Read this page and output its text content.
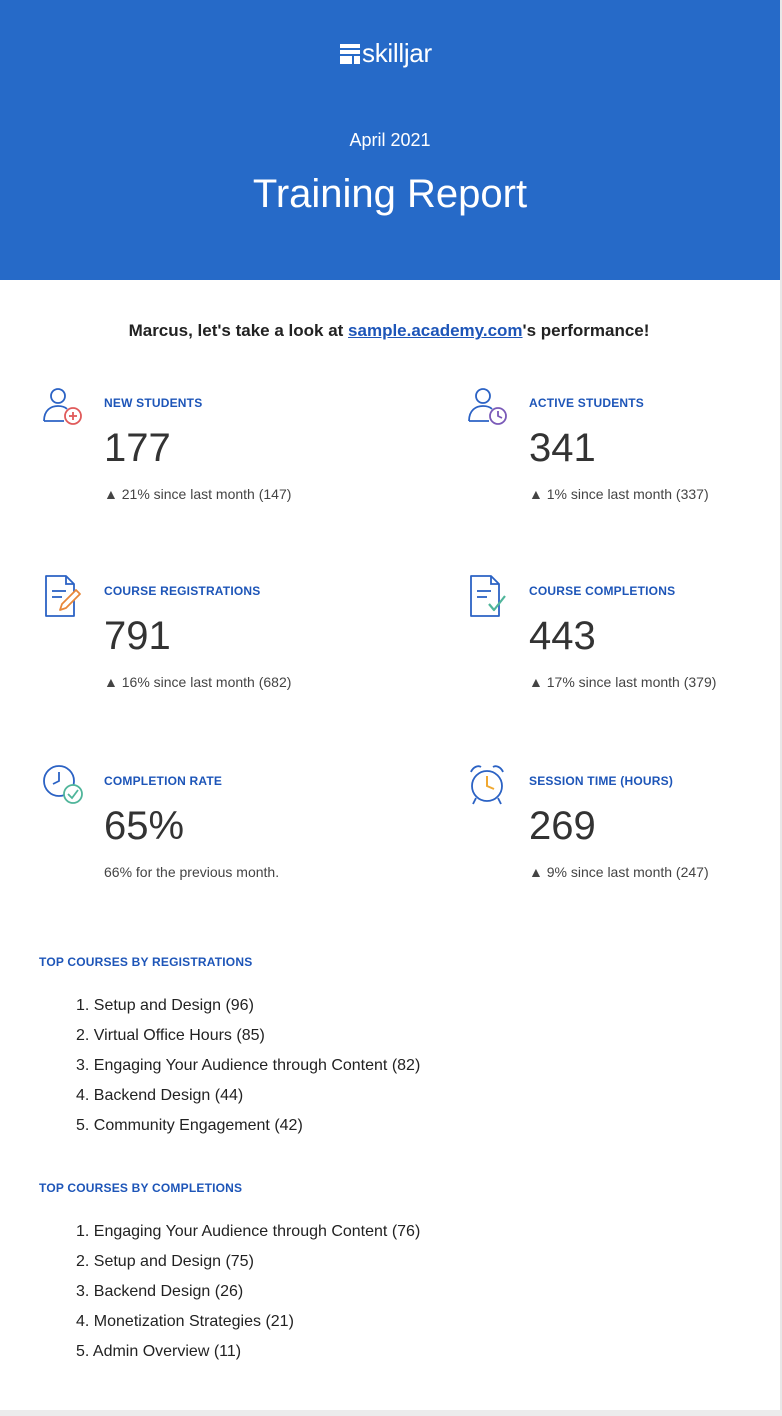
skilljar
April 2021
Training Report
Marcus, let's take a look at sample.academy.com's performance!
NEW STUDENTS
177
▲ 21% since last month (147)
ACTIVE STUDENTS
341
▲ 1% since last month (337)
COURSE REGISTRATIONS
791
▲ 16% since last month (682)
COURSE COMPLETIONS
443
▲ 17% since last month (379)
COMPLETION RATE
65%
66% for the previous month.
SESSION TIME (HOURS)
269
▲ 9% since last month (247)
TOP COURSES BY REGISTRATIONS
1. Setup and Design (96)
2. Virtual Office Hours (85)
3. Engaging Your Audience through Content (82)
4. Backend Design (44)
5. Community Engagement (42)
TOP COURSES BY COMPLETIONS
1. Engaging Your Audience through Content (76)
2. Setup and Design (75)
3. Backend Design (26)
4. Monetization Strategies (21)
5. Admin Overview (11)
